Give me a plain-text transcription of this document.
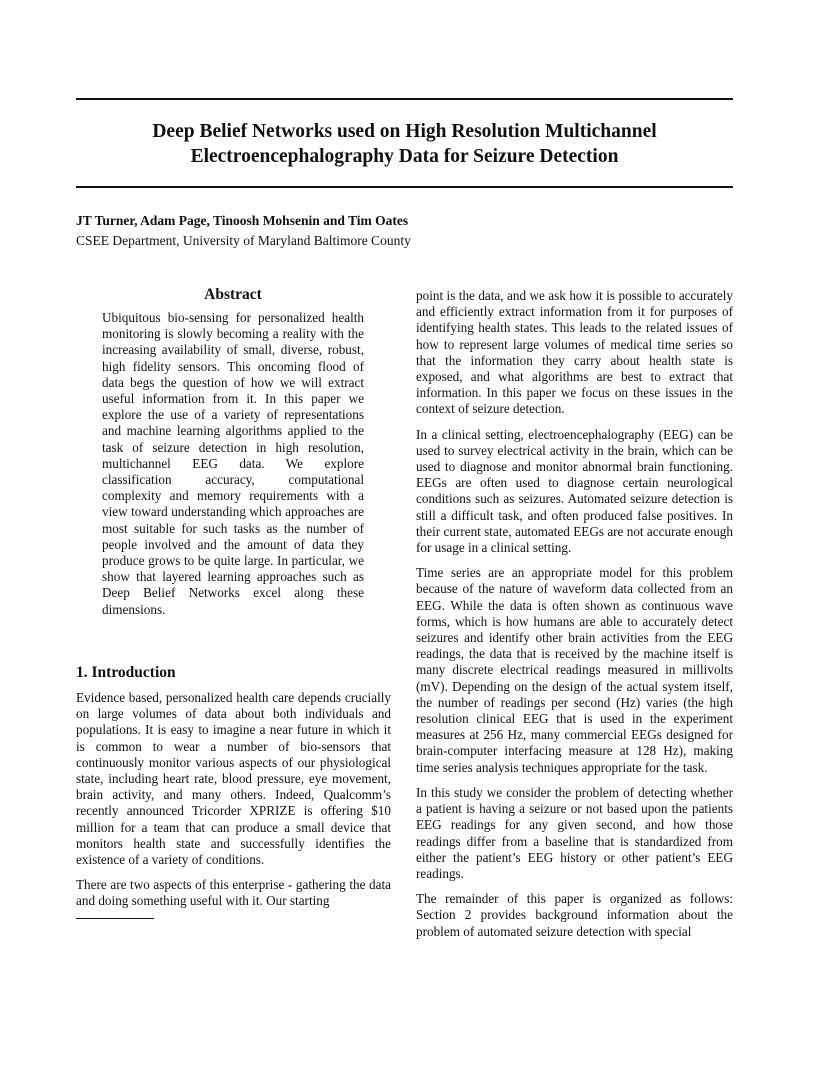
Deep Belief Networks used on High Resolution Multichannel Electroencephalography Data for Seizure Detection
JT Turner, Adam Page, Tinoosh Mohsenin and Tim Oates
CSEE Department, University of Maryland Baltimore County
Abstract
Ubiquitous bio-sensing for personalized health monitoring is slowly becoming a reality with the increasing availability of small, diverse, robust, high fidelity sensors. This oncoming flood of data begs the question of how we will extract useful information from it. In this paper we explore the use of a variety of representations and machine learning algorithms applied to the task of seizure detection in high resolution, multichannel EEG data. We explore classification accuracy, computational complexity and memory requirements with a view toward understanding which approaches are most suitable for such tasks as the number of people involved and the amount of data they produce grows to be quite large. In particular, we show that layered learning approaches such as Deep Belief Networks excel along these dimensions.
1. Introduction

Evidence based, personalized health care depends crucially on large volumes of data about both individuals and populations. It is easy to imagine a near future in which it is common to wear a number of bio-sensors that continuously monitor various aspects of our physiological state, including heart rate, blood pressure, eye movement, brain activity, and many others. Indeed, Qualcomm’s recently announced Tricorder XPRIZE is offering $10 million for a team that can produce a small device that monitors health state and successfully identifies the existence of a variety of conditions.

There are two aspects of this enterprise - gathering the data and doing something useful with it. Our starting

point is the data, and we ask how it is possible to accurately and efficiently extract information from it for purposes of identifying health states. This leads to the related issues of how to represent large volumes of medical time series so that the information they carry about health state is exposed, and what algorithms are best to extract that information. In this paper we focus on these issues in the context of seizure detection.

In a clinical setting, electroencephalography (EEG) can be used to survey electrical activity in the brain, which can be used to diagnose and monitor abnormal brain functioning. EEGs are often used to diagnose certain neurological conditions such as seizures. Automated seizure detection is still a difficult task, and often produced false positives. In their current state, automated EEGs are not accurate enough for usage in a clinical setting.

Time series are an appropriate model for this problem because of the nature of waveform data collected from an EEG. While the data is often shown as continuous wave forms, which is how humans are able to accurately detect seizures and identify other brain activities from the EEG readings, the data that is received by the machine itself is many discrete electrical readings measured in millivolts (mV). Depending on the design of the actual system itself, the number of readings per second (Hz) varies (the high resolution clinical EEG that is used in the experiment measures at 256 Hz, many commercial EEGs designed for brain-computer interfacing measure at 128 Hz), making time series analysis techniques appropriate for the task.

In this study we consider the problem of detecting whether a patient is having a seizure or not based upon the patients EEG readings for any given second, and how those readings differ from a baseline that is standardized from either the patient’s EEG history or other patient’s EEG readings.

The remainder of this paper is organized as follows: Section 2 provides background information about the problem of automated seizure detection with special
